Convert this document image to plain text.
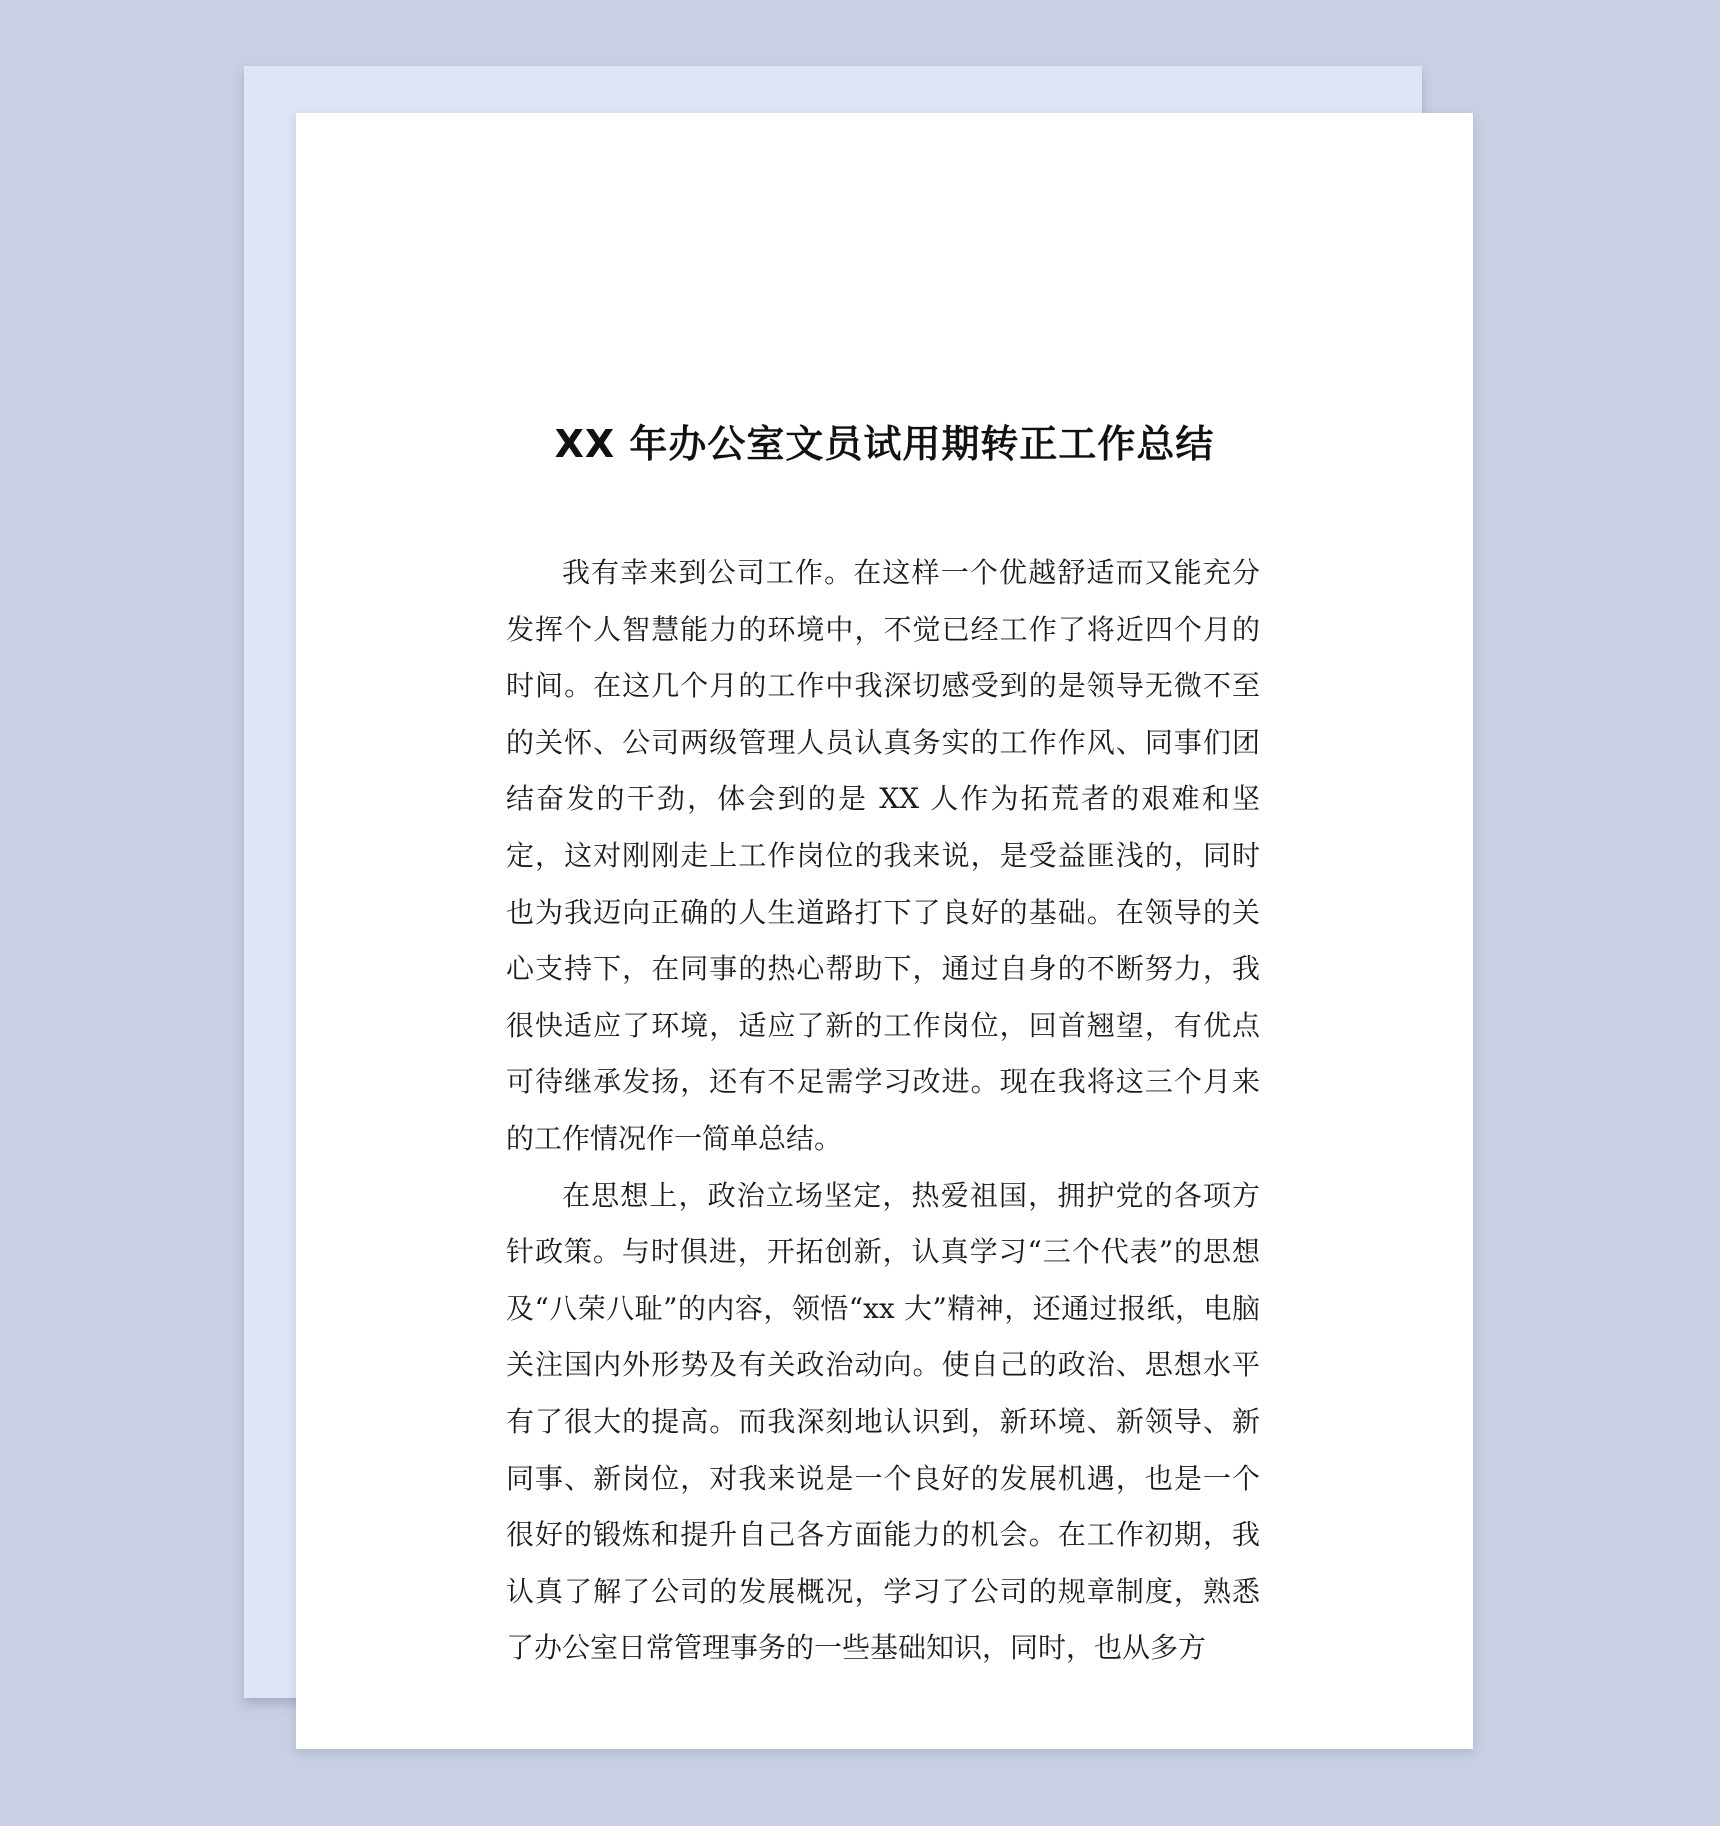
XX 年办公室文员试用期转正工作总结

我有幸来到公司工作。在这样一个优越舒适而又能充分发挥个人智慧能力的环境中，不觉已经工作了将近四个月的时间。在这几个月的工作中我深切感受到的是领导无微不至的关怀、公司两级管理人员认真务实的工作作风、同事们团结奋发的干劲，体会到的是 XX 人作为拓荒者的艰难和坚定，这对刚刚走上工作岗位的我来说，是受益匪浅的，同时也为我迈向正确的人生道路打下了良好的基础。在领导的关心支持下，在同事的热心帮助下，通过自身的不断努力，我很快适应了环境，适应了新的工作岗位，回首翘望，有优点可待继承发扬，还有不足需学习改进。现在我将这三个月来的工作情况作一简单总结。

在思想上，政治立场坚定，热爱祖国，拥护党的各项方针政策。与时俱进，开拓创新，认真学习“三个代表”的思想及“八荣八耻”的内容，领悟“xx 大”精神，还通过报纸，电脑关注国内外形势及有关政治动向。使自己的政治、思想水平有了很大的提高。而我深刻地认识到，新环境、新领导、新同事、新岗位，对我来说是一个良好的发展机遇，也是一个很好的锻炼和提升自己各方面能力的机会。在工作初期，我认真了解了公司的发展概况，学习了公司的规章制度，熟悉了办公室日常管理事务的一些基础知识，同时，也从多方
